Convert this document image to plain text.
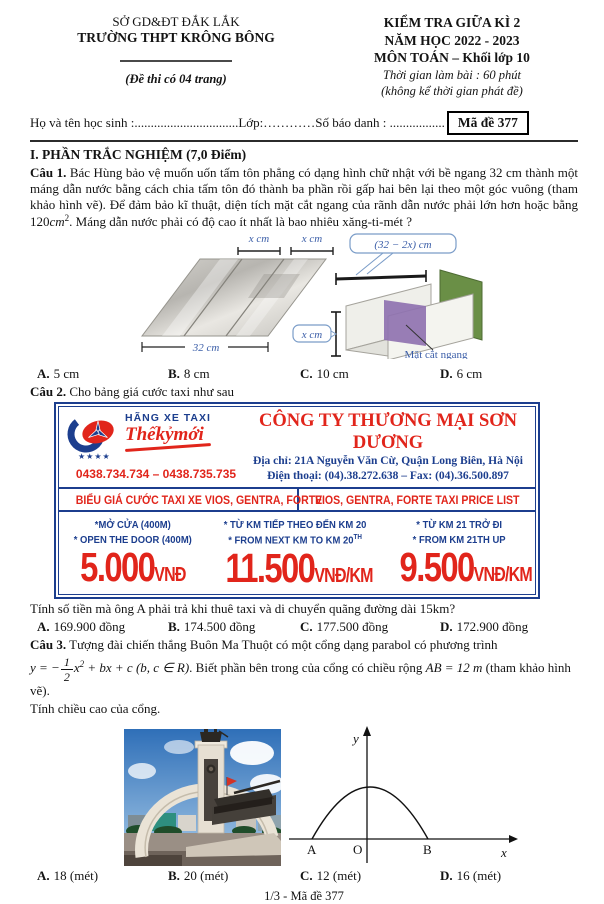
SỞ GD&ĐT ĐẮK LẮK
TRƯỜNG THPT KRÔNG BÔNG
(Đề thi có 04 trang)
KIỂM TRA GIỮA KÌ 2
NĂM HỌC 2022 - 2023
MÔN TOÁN – Khối lớp 10
Thời gian làm bài : 60 phút
(không kể thời gian phát đề)
Họ và tên học sinh :................................ Lớp:………… Số báo danh : ................. Mã đề 377
I. PHẦN TRẮC NGHIỆM (7,0 Điểm)
Câu 1. Bác Hùng bảo vệ muốn uốn tấm tôn phẳng có dạng hình chữ nhật với bề ngang 32 cm thành một máng dẫn nước bằng cách chia tấm tôn đó thành ba phần rồi gấp hai bên lại theo một góc vuông (tham khảo hình vẽ). Để đảm bảo kĩ thuật, diện tích mặt cắt ngang của rãnh dẫn nước phải lớn hơn hoặc bằng $120cm^2$. Máng dẫn nước phải có độ cao ít nhất là bao nhiêu xăng-ti-mét ?
x cm	x cm
32 cm
(32 − 2x) cm
x cm
Mặt cắt ngang
A. 5 cm	B. 8 cm	C. 10 cm	D. 6 cm
Câu 2. Cho bảng giá cước taxi như sau
★★★★
HÃNG XE TAXI
Thếkỷmới
0438.734.734 – 0438.735.735
CÔNG TY THƯƠNG MẠI SƠN DƯƠNG
Địa chỉ: 21A Nguyễn Văn Cừ, Quận Long Biên, Hà Nội
Điện thoại: (04).38.272.638 – Fax: (04).36.500.897
BIỂU GIÁ CƯỚC TAXI XE VIOS, GENTRA, FORTE
VIOS, GENTRA, FORTE TAXI PRICE LIST
*MỞ CỬA (400M)
* OPEN THE DOOR (400M)
5.000VNĐ
* TỪ KM TIẾP THEO ĐẾN KM 20
* FROM NEXT KM TO KM 20TH
11.500VNĐ/KM
* TỪ KM 21 TRỞ ĐI
* FROM KM 21TH UP
9.500VNĐ/KM
Tính số tiền mà ông A phải trả khi thuê taxi và di chuyển quãng đường dài 15km?
A. 169.900 đồng	B. 174.500 đồng	C. 177.500 đồng	D. 172.900 đồng
Câu 3. Tượng đài chiến thắng Buôn Ma Thuột có một cổng dạng parabol có phương trình
y = − $\frac{1}{2} x^2$ + bx + c (b, c ∈ R). Biết phần bên trong của cổng có chiều rộng AB = 12 m (tham khảo hình vẽ).
Tính chiều cao của cổng.
y
x
A	O	B
A. 18 (mét)	B. 20 (mét)	C. 12 (mét)	D. 16 (mét)
1/3 - Mã đề 377
